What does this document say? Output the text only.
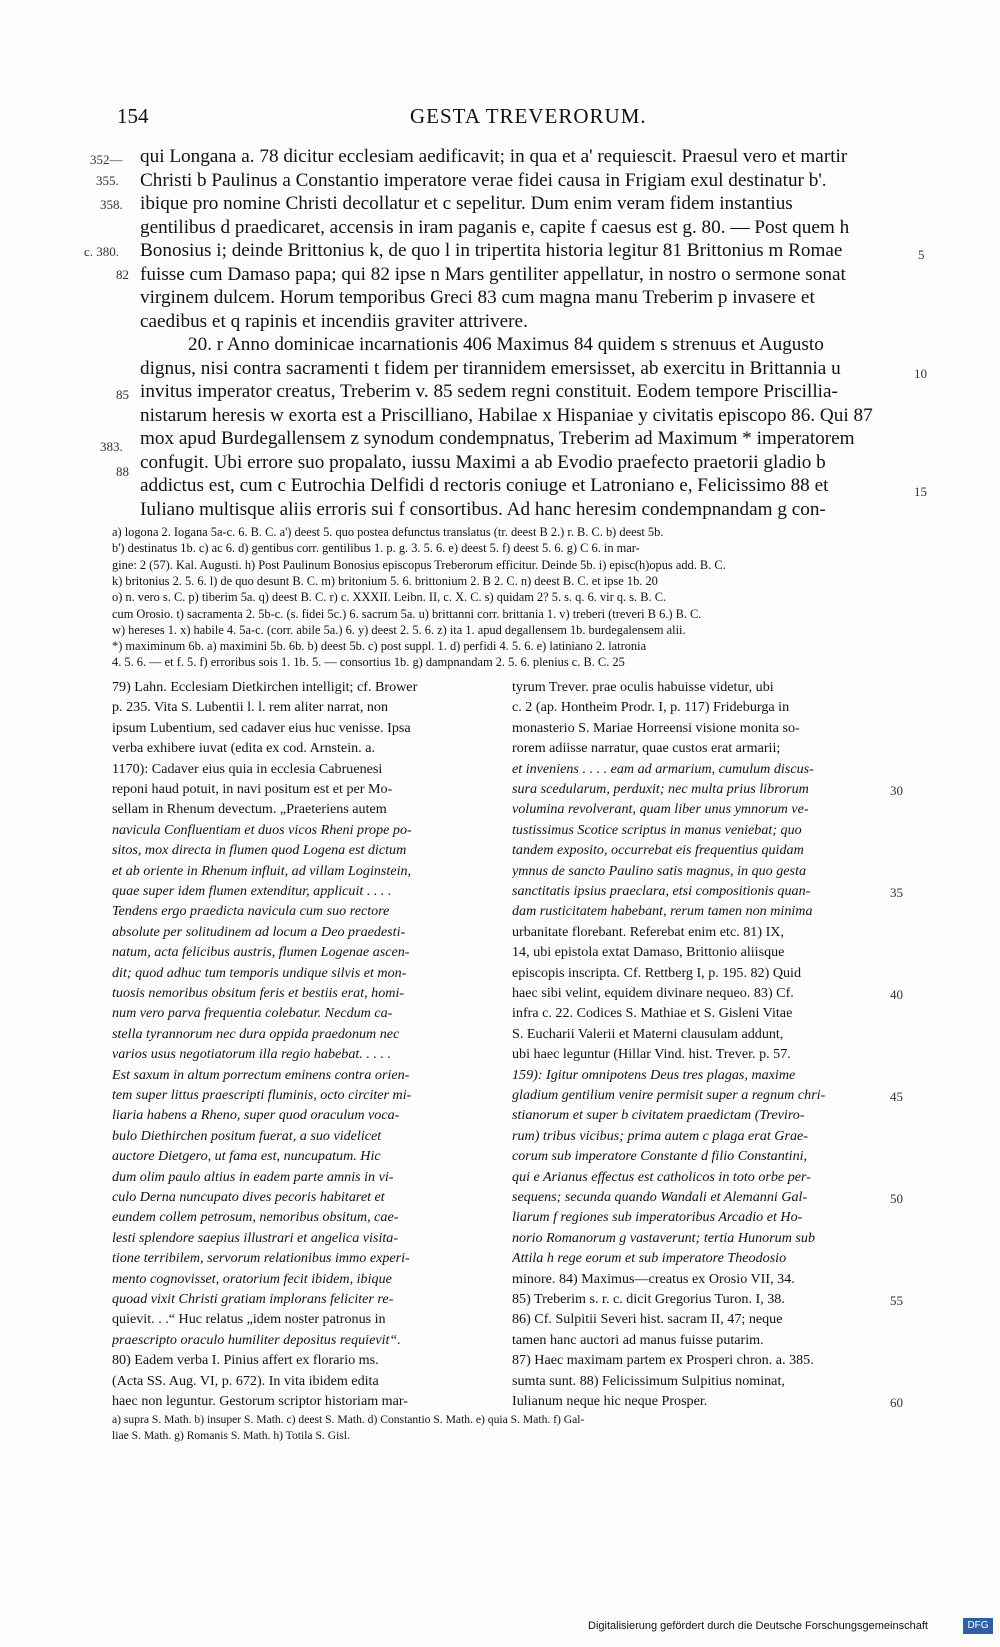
154	GESTA TREVERORUM.
352—
355.
358.
c. 380.
82
85
383.
88
5
10
15
qui Longana a. 78 dicitur ecclesiam aedificavit; in qua et a' requiescit. Praesul vero et martir
Christi b Paulinus a Constantio imperatore verae fidei causa in Frigiam exul destinatur b'.
ibique pro nomine Christi decollatur et c sepelitur. Dum enim veram fidem instantius
gentilibus d praedicaret, accensis in iram paganis e, capite f caesus est g. 80. — Post quem h
Bonosius i; deinde Brittonius k, de quo l in tripertita historia legitur 81 Brittonius m Romae
fuisse cum Damaso papa; qui 82 ipse n Mars gentiliter appellatur, in nostro o sermone sonat
virginem dulcem. Horum temporibus Greci 83 cum magna manu Treberim p invasere et
caedibus et q rapinis et incendiis graviter attrivere.
20. r Anno dominicae incarnationis 406 Maximus 84 quidem s strenuus et Augusto
dignus, nisi contra sacramenti t fidem per tirannidem emersisset, ab exercitu in Brittannia u
invitus imperator creatus, Treberim v. 85 sedem regni constituit. Eodem tempore Priscillia-
nistarum heresis w exorta est a Priscilliano, Habilae x Hispaniae y civitatis episcopo 86. Qui 87
mox apud Burdegallensem z synodum condempnatus, Treberim ad Maximum * imperatorem
confugit. Ubi errore suo propalato, iussu Maximi a ab Evodio praefecto praetorii gladio b
addictus est, cum c Eutrochia Delfidi d rectoris coniuge et Latroniano e, Felicissimo 88 et
Iuliano multisque aliis erroris sui f consortibus. Ad hanc heresim condempnandam g con-
a) logona 2. Iogana 5a-c. 6. B. C. a') deest 5. quo postea defunctus translatus (tr. deest B 2.) r. B. C. b) deest 5b.
b') destinatus 1b. c) ac 6. d) gentibus corr. gentilibus 1. p. g. 3. 5. 6. e) deest 5. f) deest 5. 6. g) C 6. in mar-
gine: 2 (57). Kal. Augusti. h) Post Paulinum Bonosius episcopus Treberorum efficitur. Deinde 5b. i) episc(h)opus add. B. C.
k) britonius 2. 5. 6. l) de quo desunt B. C. m) britonium 5. 6. brittonium 2. B 2. C. n) deest B. C. et ipse 1b. 20
o) n. vero s. C. p) tiberim 5a. q) deest B. C. r) c. XXXII. Leibn. II, c. X. C. s) quidam 2? 5. s. q. 6. vir q. s. B. C.
cum Orosio. t) sacramenta 2. 5b-c. (s. fidei 5c.) 6. sacrum 5a. u) brittanni corr. brittania 1. v) treberi (treveri B 6.) B. C.
w) hereses 1. x) habile 4. 5a-c. (corr. abile 5a.) 6. y) deest 2. 5. 6. z) ita 1. apud degallensem 1b. burdegalensem alii.
*) maximinum 6b. a) maximini 5b. 6b. b) deest 5b. c) post suppl. 1. d) perfidi 4. 5. 6. e) latiniano 2. latronia
4. 5. 6. — et f. 5. f) erroribus sois 1. 1b. 5. — consortius 1b. g) dampnandam 2. 5. 6. plenius c. B. C. 25
79) Lahn. Ecclesiam Dietkirchen intelligit; cf. Brower
p. 235. Vita S. Lubentii l. l. rem aliter narrat, non
ipsum Lubentium, sed cadaver eius huc venisse. Ipsa
verba exhibere iuvat (edita ex cod. Arnstein. a.
1170): Cadaver eius quia in ecclesia Cabruenesi
reponi haud potuit, in navi positum est et per Mo-
sellam in Rhenum devectum. „Praeteriens autem
navicula Confluentiam et duos vicos Rheni prope po-
sitos, mox directa in flumen quod Logena est dictum
et ab oriente in Rhenum influit, ad villam Loginstein,
quae super idem flumen extenditur, applicuit . . . .
Tendens ergo praedicta navicula cum suo rectore
absolute per solitudinem ad locum a Deo praedesti-
natum, acta felicibus austris, flumen Logenae ascen-
dit; quod adhuc tum temporis undique silvis et mon-
tuosis nemoribus obsitum feris et bestiis erat, homi-
num vero parva frequentia colebatur. Necdum ca-
stella tyrannorum nec dura oppida praedonum nec
varios usus negotiatorum illa regio habebat. . . . .
Est saxum in altum porrectum eminens contra orien-
tem super littus praescripti fluminis, octo circiter mi-
liaria habens a Rheno, super quod oraculum voca-
bulo Diethirchen positum fuerat, a suo videlicet
auctore Dietgero, ut fama est, nuncupatum. Hic
dum olim paulo altius in eadem parte amnis in vi-
culo Derna nuncupato dives pecoris habitaret et
eundem collem petrosum, nemoribus obsitum, cae-
lesti splendore saepius illustrari et angelica visita-
tione terribilem, servorum relationibus immo experi-
mento cognovisset, oratorium fecit ibidem, ibique
quoad vixit Christi gratiam implorans feliciter re-
quievit. . .“ Huc relatus „idem noster patronus in
praescripto oraculo humiliter depositus requievit“.
80) Eadem verba I. Pinius affert ex florario ms.
(Acta SS. Aug. VI, p. 672). In vita ibidem edita
haec non leguntur. Gestorum scriptor historiam mar-
tyrum Trever. prae oculis habuisse videtur, ubi
c. 2 (ap. Hontheim Prodr. I, p. 117) Frideburga in
monasterio S. Mariae Horreensi visione monita so-
rorem adiisse narratur, quae custos erat armarii;
et inveniens . . . . eam ad armarium, cumulum discus-
sura scedularum, perduxit; nec multa prius librorum
volumina revolverant, quam liber unus ymnorum ve-
tustissimus Scotice scriptus in manus veniebat; quo
tandem exposito, occurrebat eis frequentius quidam
ymnus de sancto Paulino satis magnus, in quo gesta
sanctitatis ipsius praeclara, etsi compositionis quan-
dam rusticitatem habebant, rerum tamen non minima
urbanitate florebant. Referebat enim etc. 81) IX,
14, ubi epistola extat Damaso, Brittonio aliisque
episcopis inscripta. Cf. Rettberg I, p. 195. 82) Quid
haec sibi velint, equidem divinare nequeo. 83) Cf.
infra c. 22. Codices S. Mathiae et S. Gisleni Vitae
S. Eucharii Valerii et Materni clausulam addunt,
ubi haec leguntur (Hillar Vind. hist. Trever. p. 57.
159): Igitur omnipotens Deus tres plagas, maxime
gladium gentilium venire permisit super a regnum chri-
stianorum et super b civitatem praedictam (Treviro-
rum) tribus vicibus; prima autem c plaga erat Grae-
corum sub imperatore Constante d filio Constantini,
qui e Arianus effectus est catholicos in toto orbe per-
sequens; secunda quando Wandali et Alemanni Gal-
liarum f regiones sub imperatoribus Arcadio et Ho-
norio Romanorum g vastaverunt; tertia Hunorum sub
Attila h rege eorum et sub imperatore Theodosio
minore. 84) Maximus—creatus ex Orosio VII, 34.
85) Treberim s. r. c. dicit Gregorius Turon. I, 38.
86) Cf. Sulpitii Severi hist. sacram II, 47; neque
tamen hanc auctori ad manus fuisse putarim.
87) Haec maximam partem ex Prosperi chron. a. 385.
sumta sunt. 88) Felicissimum Sulpitius nominat,
Iulianum neque hic neque Prosper.
30
35
40
45
50
55
60
a) supra S. Math. b) insuper S. Math. c) deest S. Math. d) Constantio S. Math. e) quia S. Math. f) Gal-
liae S. Math. g) Romanis S. Math. h) Totila S. Gisl.
Digitalisierung gefördert durch die Deutsche Forschungsgemeinschaft	DFG
